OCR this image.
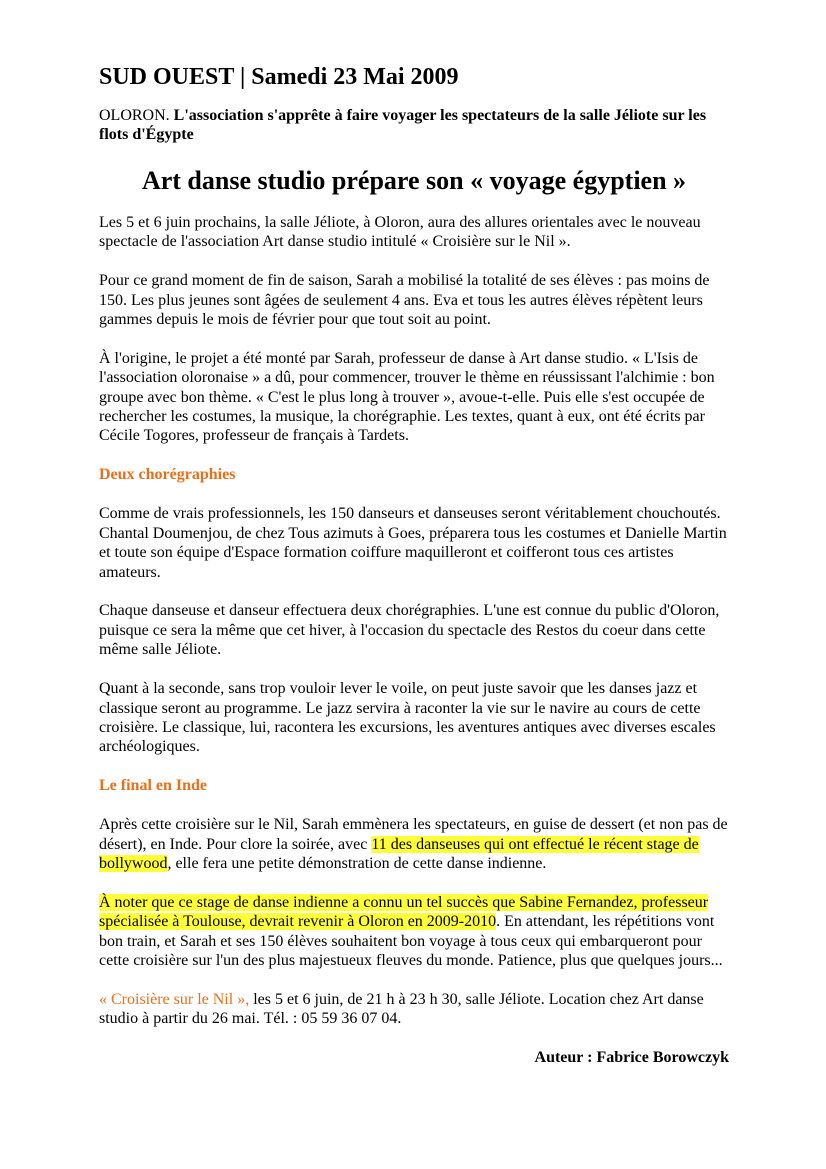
SUD OUEST | Samedi 23 Mai 2009
OLORON. L'association s'apprête à faire voyager les spectateurs de la salle Jéliote sur les flots d'Égypte
Art danse studio prépare son « voyage égyptien »

Les 5 et 6 juin prochains, la salle Jéliote, à Oloron, aura des allures orientales avec le nouveau spectacle de l'association Art danse studio intitulé « Croisière sur le Nil ».

Pour ce grand moment de fin de saison, Sarah a mobilisé la totalité de ses élèves : pas moins de 150. Les plus jeunes sont âgées de seulement 4 ans. Eva et tous les autres élèves répètent leurs gammes depuis le mois de février pour que tout soit au point.

À l'origine, le projet a été monté par Sarah, professeur de danse à Art danse studio. « L'Isis de l'association oloronaise » a dû, pour commencer, trouver le thème en réussissant l'alchimie : bon groupe avec bon thème. « C'est le plus long à trouver », avoue-t-elle. Puis elle s'est occupée de rechercher les costumes, la musique, la chorégraphie. Les textes, quant à eux, ont été écrits par Cécile Togores, professeur de français à Tardets.

Deux chorégraphies

Comme de vrais professionnels, les 150 danseurs et danseuses seront véritablement chouchoutés. Chantal Doumenjou, de chez Tous azimuts à Goes, préparera tous les costumes et Danielle Martin et toute son équipe d'Espace formation coiffure maquilleront et coifferont tous ces artistes amateurs.

Chaque danseuse et danseur effectuera deux chorégraphies. L'une est connue du public d'Oloron, puisque ce sera la même que cet hiver, à l'occasion du spectacle des Restos du coeur dans cette même salle Jéliote.

Quant à la seconde, sans trop vouloir lever le voile, on peut juste savoir que les danses jazz et classique seront au programme. Le jazz servira à raconter la vie sur le navire au cours de cette croisière. Le classique, lui, racontera les excursions, les aventures antiques avec diverses escales archéologiques.

Le final en Inde

Après cette croisière sur le Nil, Sarah emmènera les spectateurs, en guise de dessert (et non pas de désert), en Inde. Pour clore la soirée, avec 11 des danseuses qui ont effectué le récent stage de bollywood, elle fera une petite démonstration de cette danse indienne.

À noter que ce stage de danse indienne a connu un tel succès que Sabine Fernandez, professeur spécialisée à Toulouse, devrait revenir à Oloron en 2009-2010. En attendant, les répétitions vont bon train, et Sarah et ses 150 élèves souhaitent bon voyage à tous ceux qui embarqueront pour cette croisière sur l'un des plus majestueux fleuves du monde. Patience, plus que quelques jours...

« Croisière sur le Nil », les 5 et 6 juin, de 21 h à 23 h 30, salle Jéliote. Location chez Art danse studio à partir du 26 mai. Tél. : 05 59 36 07 04.

Auteur : Fabrice Borowczyk
